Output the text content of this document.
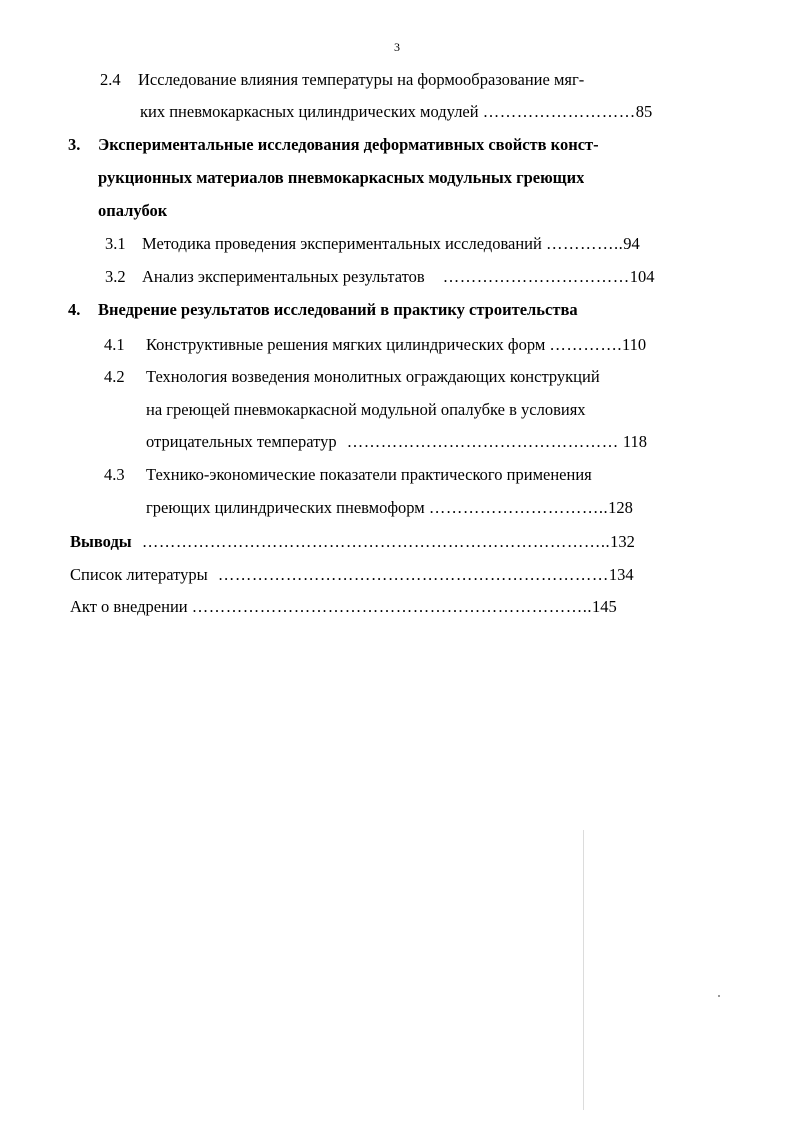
3
2.4 Исследование влияния температуры на формообразование мяг-
ких пневмокаркасных цилиндрических модулей ………………………85
3. Экспериментальные исследования деформативных свойств конст-
рукционных материалов пневмокаркасных модульных греющих
опалубок
3.1 Методика проведения экспериментальных исследований …………..94
3.2 Анализ экспериментальных результатов ……………………………104
4. Внедрение результатов исследований в практику строительства
4.1 Конструктивные решения мягких цилиндрических форм ………….110
4.2 Технология возведения монолитных ограждающих конструкций
на греющей пневмокаркасной модульной опалубке в условиях
отрицательных температур ………………………………………… 118
4.3 Технико-экономические показатели практического применения
греющих цилиндрических пневмоформ …………………………..128
Выводы ………………………………………………………………………..132
Список литературы ……………………………………………………………134
Акт о внедрении ……………………………………………………………..145
